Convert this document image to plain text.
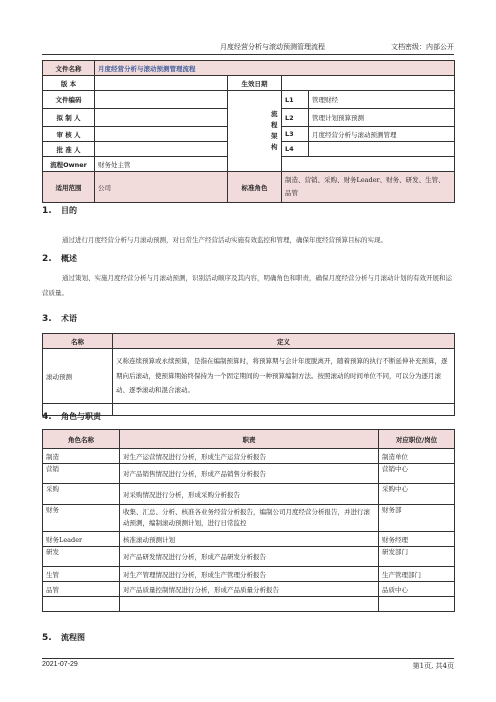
月度经营分析与滚动预测管理流程	文档密级：内部公开
文件名称	月度经营分析与滚动预测管理流程				
版 本		生效日期			
文件编码			流程架构	L1	管理财经
拟 制 人				L2	管理计划预算预测
审 核 人				L3	月度经营分析与滚动预测管理
批 准 人				L4	
流程Owner	财务处主管				
适用范围	公司	标准角色		制造、营销、采购、财务Leader、财务、研发、生管、品管	
1. 目的
通过进行月度经营分析与月滚动预测，对日常生产经营活动实施有效监控和管理，确保年度经营预算目标的实现。
2. 概述
通过策划、实施月度经营分析与月滚动预测，识别活动顺序及其内容，明确角色和职责，确保月度经营分析与月滚动计划的有效开展和运营质量。
3. 术语
名称	定义
滚动预测	又称连续预算或永续预算，是指在编制预算时，将预算期与会计年度脱离开，随着预算的执行不断延伸补充预算，逐期向后滚动，使预算期始终保持为一个固定期间的一种预算编制方法。按照滚动的时间单位不同，可以分为逐月滚动、逐季滚动和混合滚动。

4. 角色与职责
角色名称	职责	对应职位/岗位
制造	对生产运营情况进行分析，形成生产运营分析报告	制造单位
营销	对产品销售情况进行分析，形成产品销售分析报告	营销中心
采购	对采购情况进行分析，形成采购分析报告	采购中心
财务	收集、汇总、分析、核准各业务经营分析报告，编制公司月度经营分析报告，并进行滚动预测，编制滚动预测计划，进行日常监控	财务部
财务Leader	核准滚动预测计划	财务经理
研发	对产品研发情况进行分析，形成产品研发分析报告	研发部门
生管	对生产管理情况进行分析，形成生产管理分析报告	生产管理部门
品管	对产品质量控制情况进行分析，形成产品质量分析报告	品质中心

5. 流程图
2021-07-29	第1页, 共4页
